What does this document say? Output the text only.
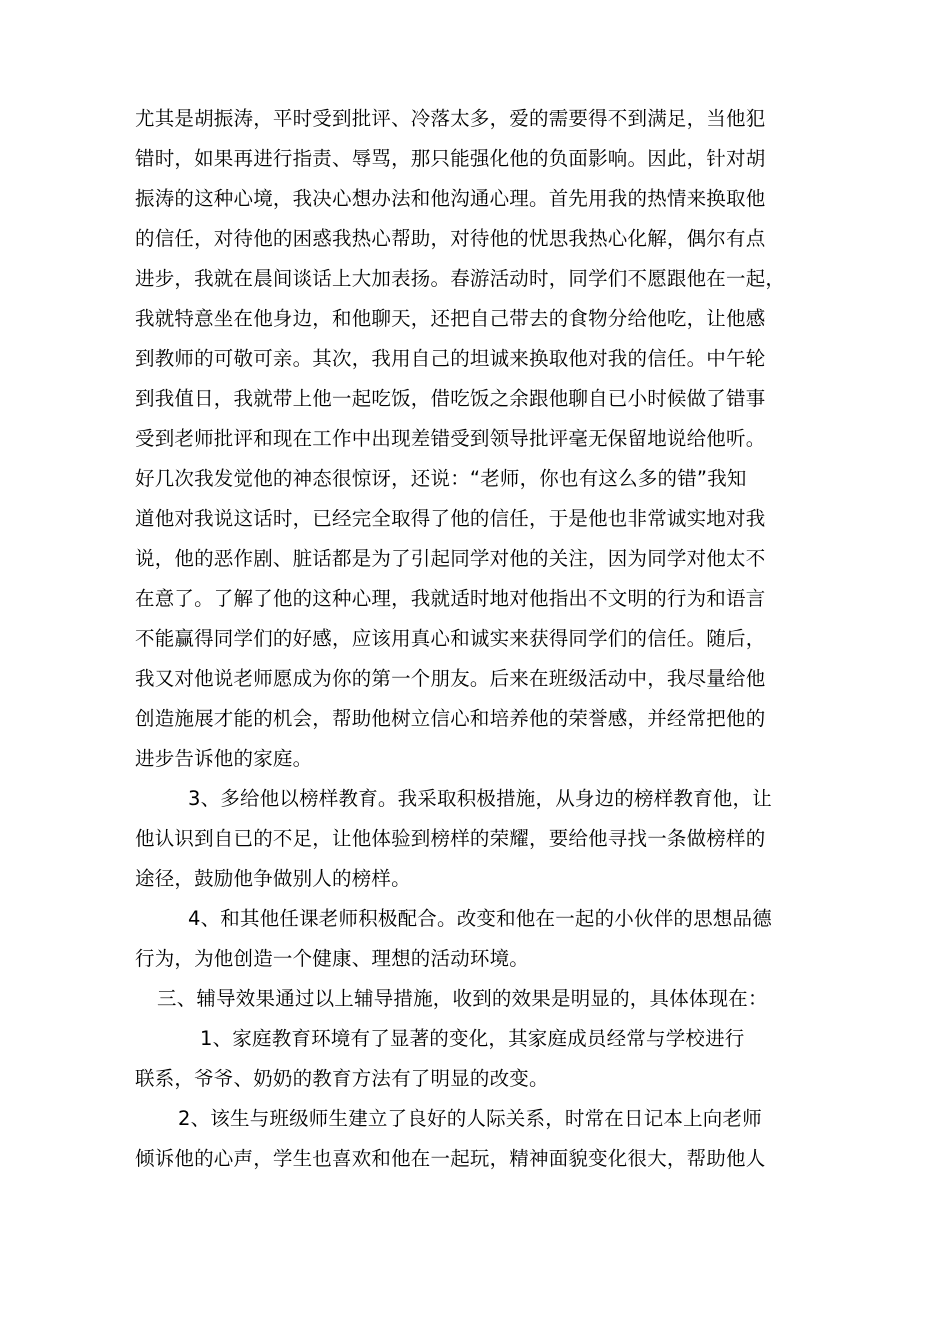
尤其是胡振涛，平时受到批评、冷落太多，爱的需要得不到满足，当他犯
错时，如果再进行指责、辱骂，那只能强化他的负面影响。因此，针对胡
振涛的这种心境，我决心想办法和他沟通心理。首先用我的热情来换取他
的信任，对待他的困惑我热心帮助，对待他的忧思我热心化解，偶尔有点
进步，我就在晨间谈话上大加表扬。春游活动时，同学们不愿跟他在一起，
我就特意坐在他身边，和他聊天，还把自己带去的食物分给他吃，让他感
到教师的可敬可亲。其次，我用自己的坦诚来换取他对我的信任。中午轮
到我值日，我就带上他一起吃饭，借吃饭之余跟他聊自已小时候做了错事
受到老师批评和现在工作中出现差错受到领导批评毫无保留地说给他听。
好几次我发觉他的神态很惊讶，还说：“老师，你也有这么多的错”我知
道他对我说这话时，已经完全取得了他的信任，于是他也非常诚实地对我
说，他的恶作剧、脏话都是为了引起同学对他的关注，因为同学对他太不
在意了。了解了他的这种心理，我就适时地对他指出不文明的行为和语言
不能赢得同学们的好感，应该用真心和诚实来获得同学们的信任。随后，
我又对他说老师愿成为你的第一个朋友。后来在班级活动中，我尽量给他
创造施展才能的机会，帮助他树立信心和培养他的荣誉感，并经常把他的
进步告诉他的家庭。
3、多给他以榜样教育。我采取积极措施，从身边的榜样教育他，让
他认识到自已的不足，让他体验到榜样的荣耀，要给他寻找一条做榜样的
途径，鼓励他争做别人的榜样。
4、和其他任课老师积极配合。改变和他在一起的小伙伴的思想品德
行为，为他创造一个健康、理想的活动环境。
三、辅导效果通过以上辅导措施，收到的效果是明显的，具体体现在：
1、家庭教育环境有了显著的变化，其家庭成员经常与学校进行
联系，爷爷、奶奶的教育方法有了明显的改变。
2、该生与班级师生建立了良好的人际关系，时常在日记本上向老师
倾诉他的心声，学生也喜欢和他在一起玩，精神面貌变化很大，帮助他人
